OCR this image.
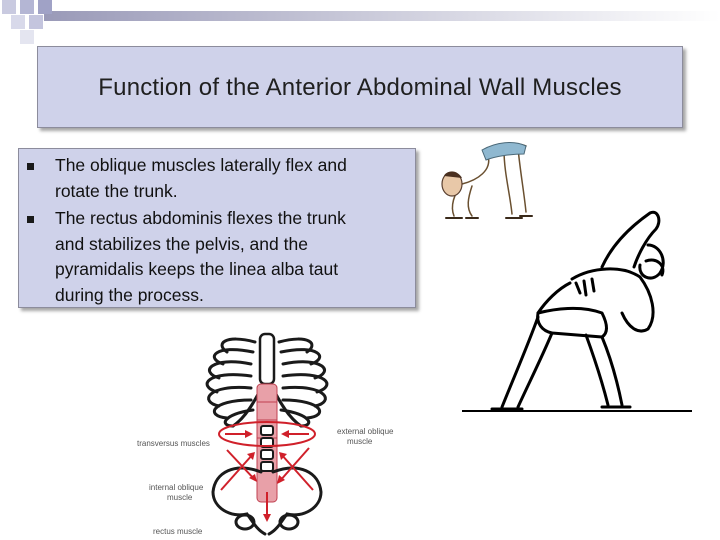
Function of the Anterior Abdominal Wall Muscles
The oblique muscles laterally flex and
rotate the trunk.
The rectus abdominis flexes the trunk
and stabilizes the pelvis, and the
pyramidalis keeps the linea alba taut
during the process.
transversus muscles
external oblique
muscle
internal oblique
muscle
rectus muscle
